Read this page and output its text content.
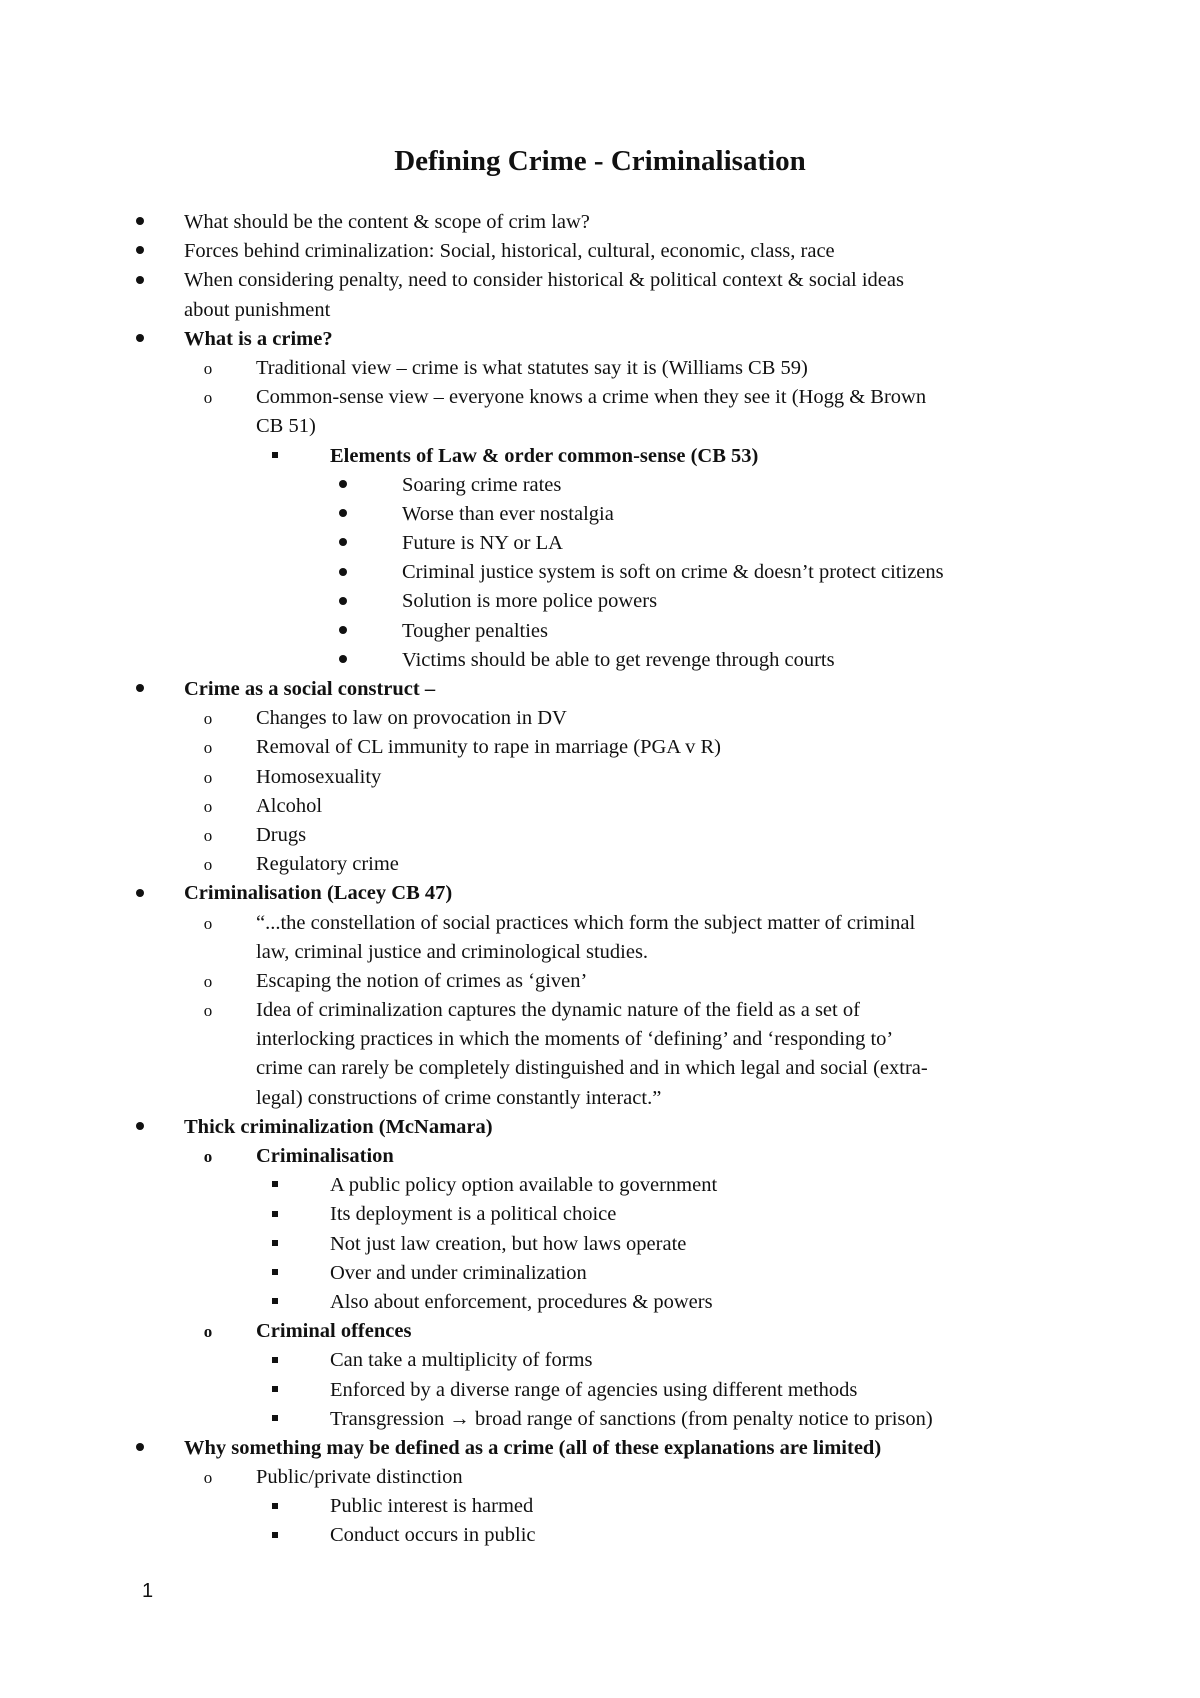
Defining Crime - Criminalisation
What should be the content & scope of crim law?
Forces behind criminalization: Social, historical, cultural, economic, class, race
When considering penalty, need to consider historical & political context & social ideas
about punishment
What is a crime?
o	Traditional view – crime is what statutes say it is (Williams CB 59)
o	Common-sense view – everyone knows a crime when they see it (Hogg & Brown
CB 51)
Elements of Law & order common-sense (CB 53)
Soaring crime rates
Worse than ever nostalgia
Future is NY or LA
Criminal justice system is soft on crime & doesn’t protect citizens
Solution is more police powers
Tougher penalties
Victims should be able to get revenge through courts
Crime as a social construct –
o	Changes to law on provocation in DV
o	Removal of CL immunity to rape in marriage (PGA v R)
o	Homosexuality
o	Alcohol
o	Drugs
o	Regulatory crime
Criminalisation (Lacey CB 47)
o	“...the constellation of social practices which form the subject matter of criminal
law, criminal justice and criminological studies.
o	Escaping the notion of crimes as ‘given’
o	Idea of criminalization captures the dynamic nature of the field as a set of
interlocking practices in which the moments of ‘defining’ and ‘responding to’
crime can rarely be completely distinguished and in which legal and social (extra-
legal) constructions of crime constantly interact.”
Thick criminalization (McNamara)
o	Criminalisation
A public policy option available to government
Its deployment is a political choice
Not just law creation, but how laws operate
Over and under criminalization
Also about enforcement, procedures & powers
o	Criminal offences
Can take a multiplicity of forms
Enforced by a diverse range of agencies using different methods
Transgression → broad range of sanctions (from penalty notice to prison)
Why something may be defined as a crime (all of these explanations are limited)
o	Public/private distinction
Public interest is harmed
Conduct occurs in public
1
